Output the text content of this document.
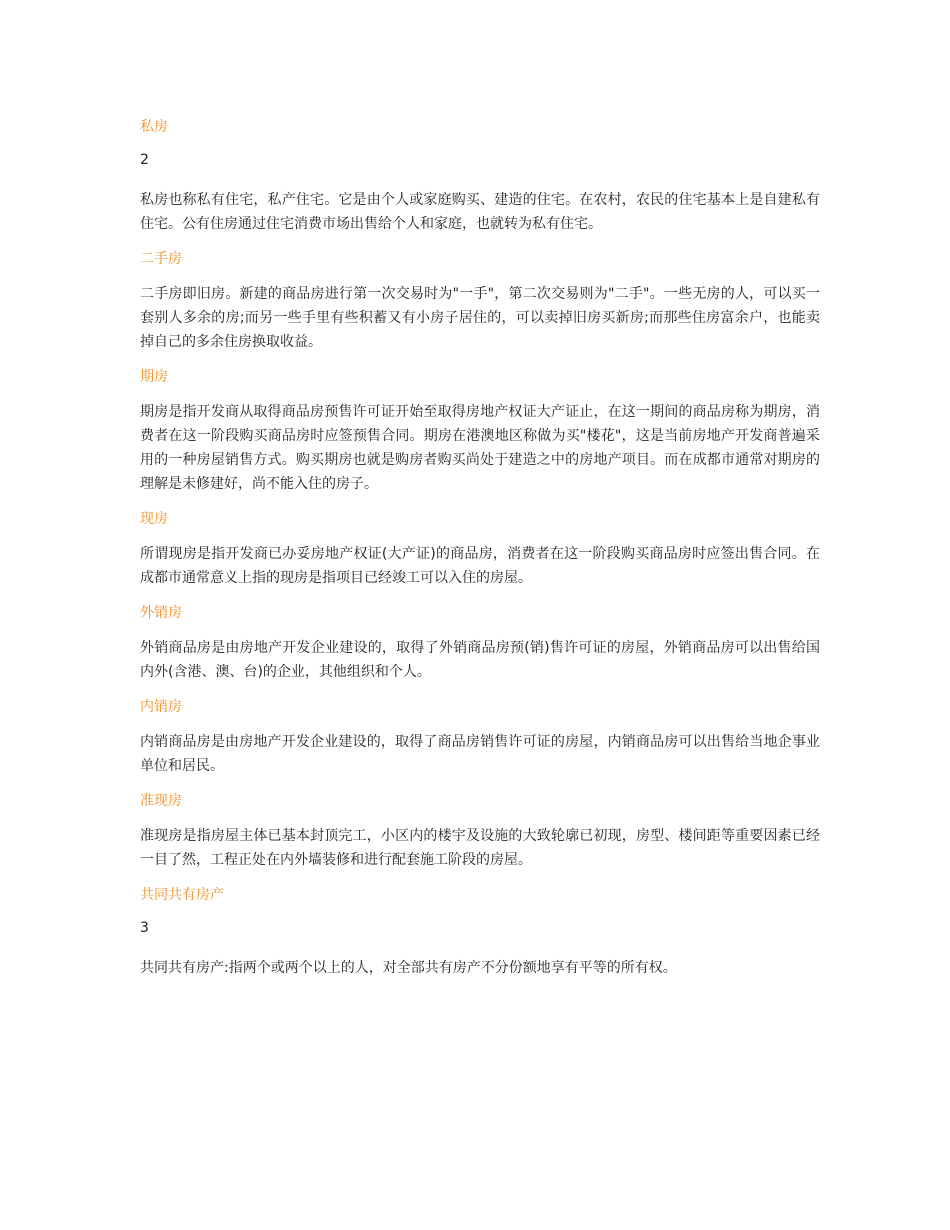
私房
2
私房也称私有住宅，私产住宅。它是由个人或家庭购买、建造的住宅。在农村，农民的住宅基本上是自建私有住宅。公有住房通过住宅消费市场出售给个人和家庭，也就转为私有住宅。
二手房
二手房即旧房。新建的商品房进行第一次交易时为"一手"，第二次交易则为"二手"。一些无房的人，可以买一套别人多余的房;而另一些手里有些积蓄又有小房子居住的，可以卖掉旧房买新房;而那些住房富余户，也能卖掉自己的多余住房换取收益。
期房
期房是指开发商从取得商品房预售许可证开始至取得房地产权证大产证止，在这一期间的商品房称为期房，消费者在这一阶段购买商品房时应签预售合同。期房在港澳地区称做为买"楼花"，这是当前房地产开发商普遍采用的一种房屋销售方式。购买期房也就是购房者购买尚处于建造之中的房地产项目。而在成都市通常对期房的理解是未修建好，尚不能入住的房子。
现房
所谓现房是指开发商已办妥房地产权证(大产证)的商品房，消费者在这一阶段购买商品房时应签出售合同。在成都市通常意义上指的现房是指项目已经竣工可以入住的房屋。
外销房
外销商品房是由房地产开发企业建设的，取得了外销商品房预(销)售许可证的房屋，外销商品房可以出售给国内外(含港、澳、台)的企业，其他组织和个人。
内销房
内销商品房是由房地产开发企业建设的，取得了商品房销售许可证的房屋，内销商品房可以出售给当地企事业单位和居民。
准现房
准现房是指房屋主体已基本封顶完工，小区内的楼宇及设施的大致轮廓已初现，房型、楼间距等重要因素已经一目了然，工程正处在内外墙装修和进行配套施工阶段的房屋。
共同共有房产
3
共同共有房产:指两个或两个以上的人，对全部共有房产不分份额地享有平等的所有权。
